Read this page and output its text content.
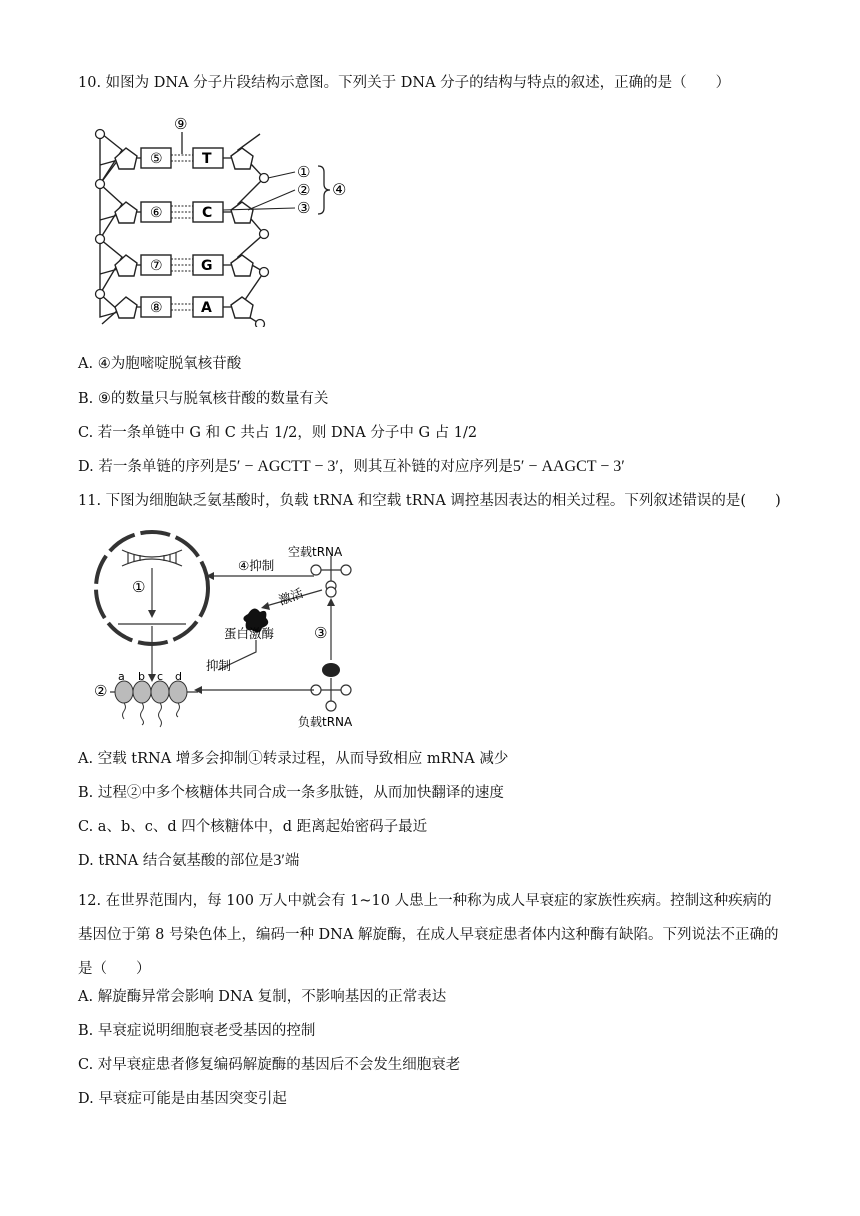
10. 如图为 DNA 分子片段结构示意图。下列关于 DNA 分子的结构与特点的叙述，正确的是（　　）
⑤
⑥
⑦
⑧
T
C
G
A
⑨
①
②
③
④
A. ④为胞嘧啶脱氧核苷酸
B. ⑨的数量只与脱氧核苷酸的数量有关
C. 若一条单链中 G 和 C 共占 1/2，则 DNA 分子中 G 占 1/2
D. 若一条单链的序列是5′ − AGCTT − 3′，则其互补链的对应序列是5′ − AAGCT − 3′
11. 下图为细胞缺乏氨基酸时，负载 tRNA 和空载 tRNA 调控基因表达的相关过程。下列叙述错误的是(　　)
空载tRNA
负载tRNA
④抑制
激活
蛋白激酶
抑制
①
②
③
a b c d
A. 空载 tRNA 增多会抑制①转录过程，从而导致相应 mRNA 减少
B. 过程②中多个核糖体共同合成一条多肽链，从而加快翻译的速度
C. a、b、c、d 四个核糖体中，d 距离起始密码子最近
D. tRNA 结合氨基酸的部位是3′端
12. 在世界范围内，每 100 万人中就会有 1~10 人患上一种称为成人早衰症的家族性疾病。控制这种疾病的基因位于第 8 号染色体上，编码一种 DNA 解旋酶，在成人早衰症患者体内这种酶有缺陷。下列说法不正确的是（　　）
A. 解旋酶异常会影响 DNA 复制，不影响基因的正常表达
B. 早衰症说明细胞衰老受基因的控制
C. 对早衰症患者修复编码解旋酶的基因后不会发生细胞衰老
D. 早衰症可能是由基因突变引起
